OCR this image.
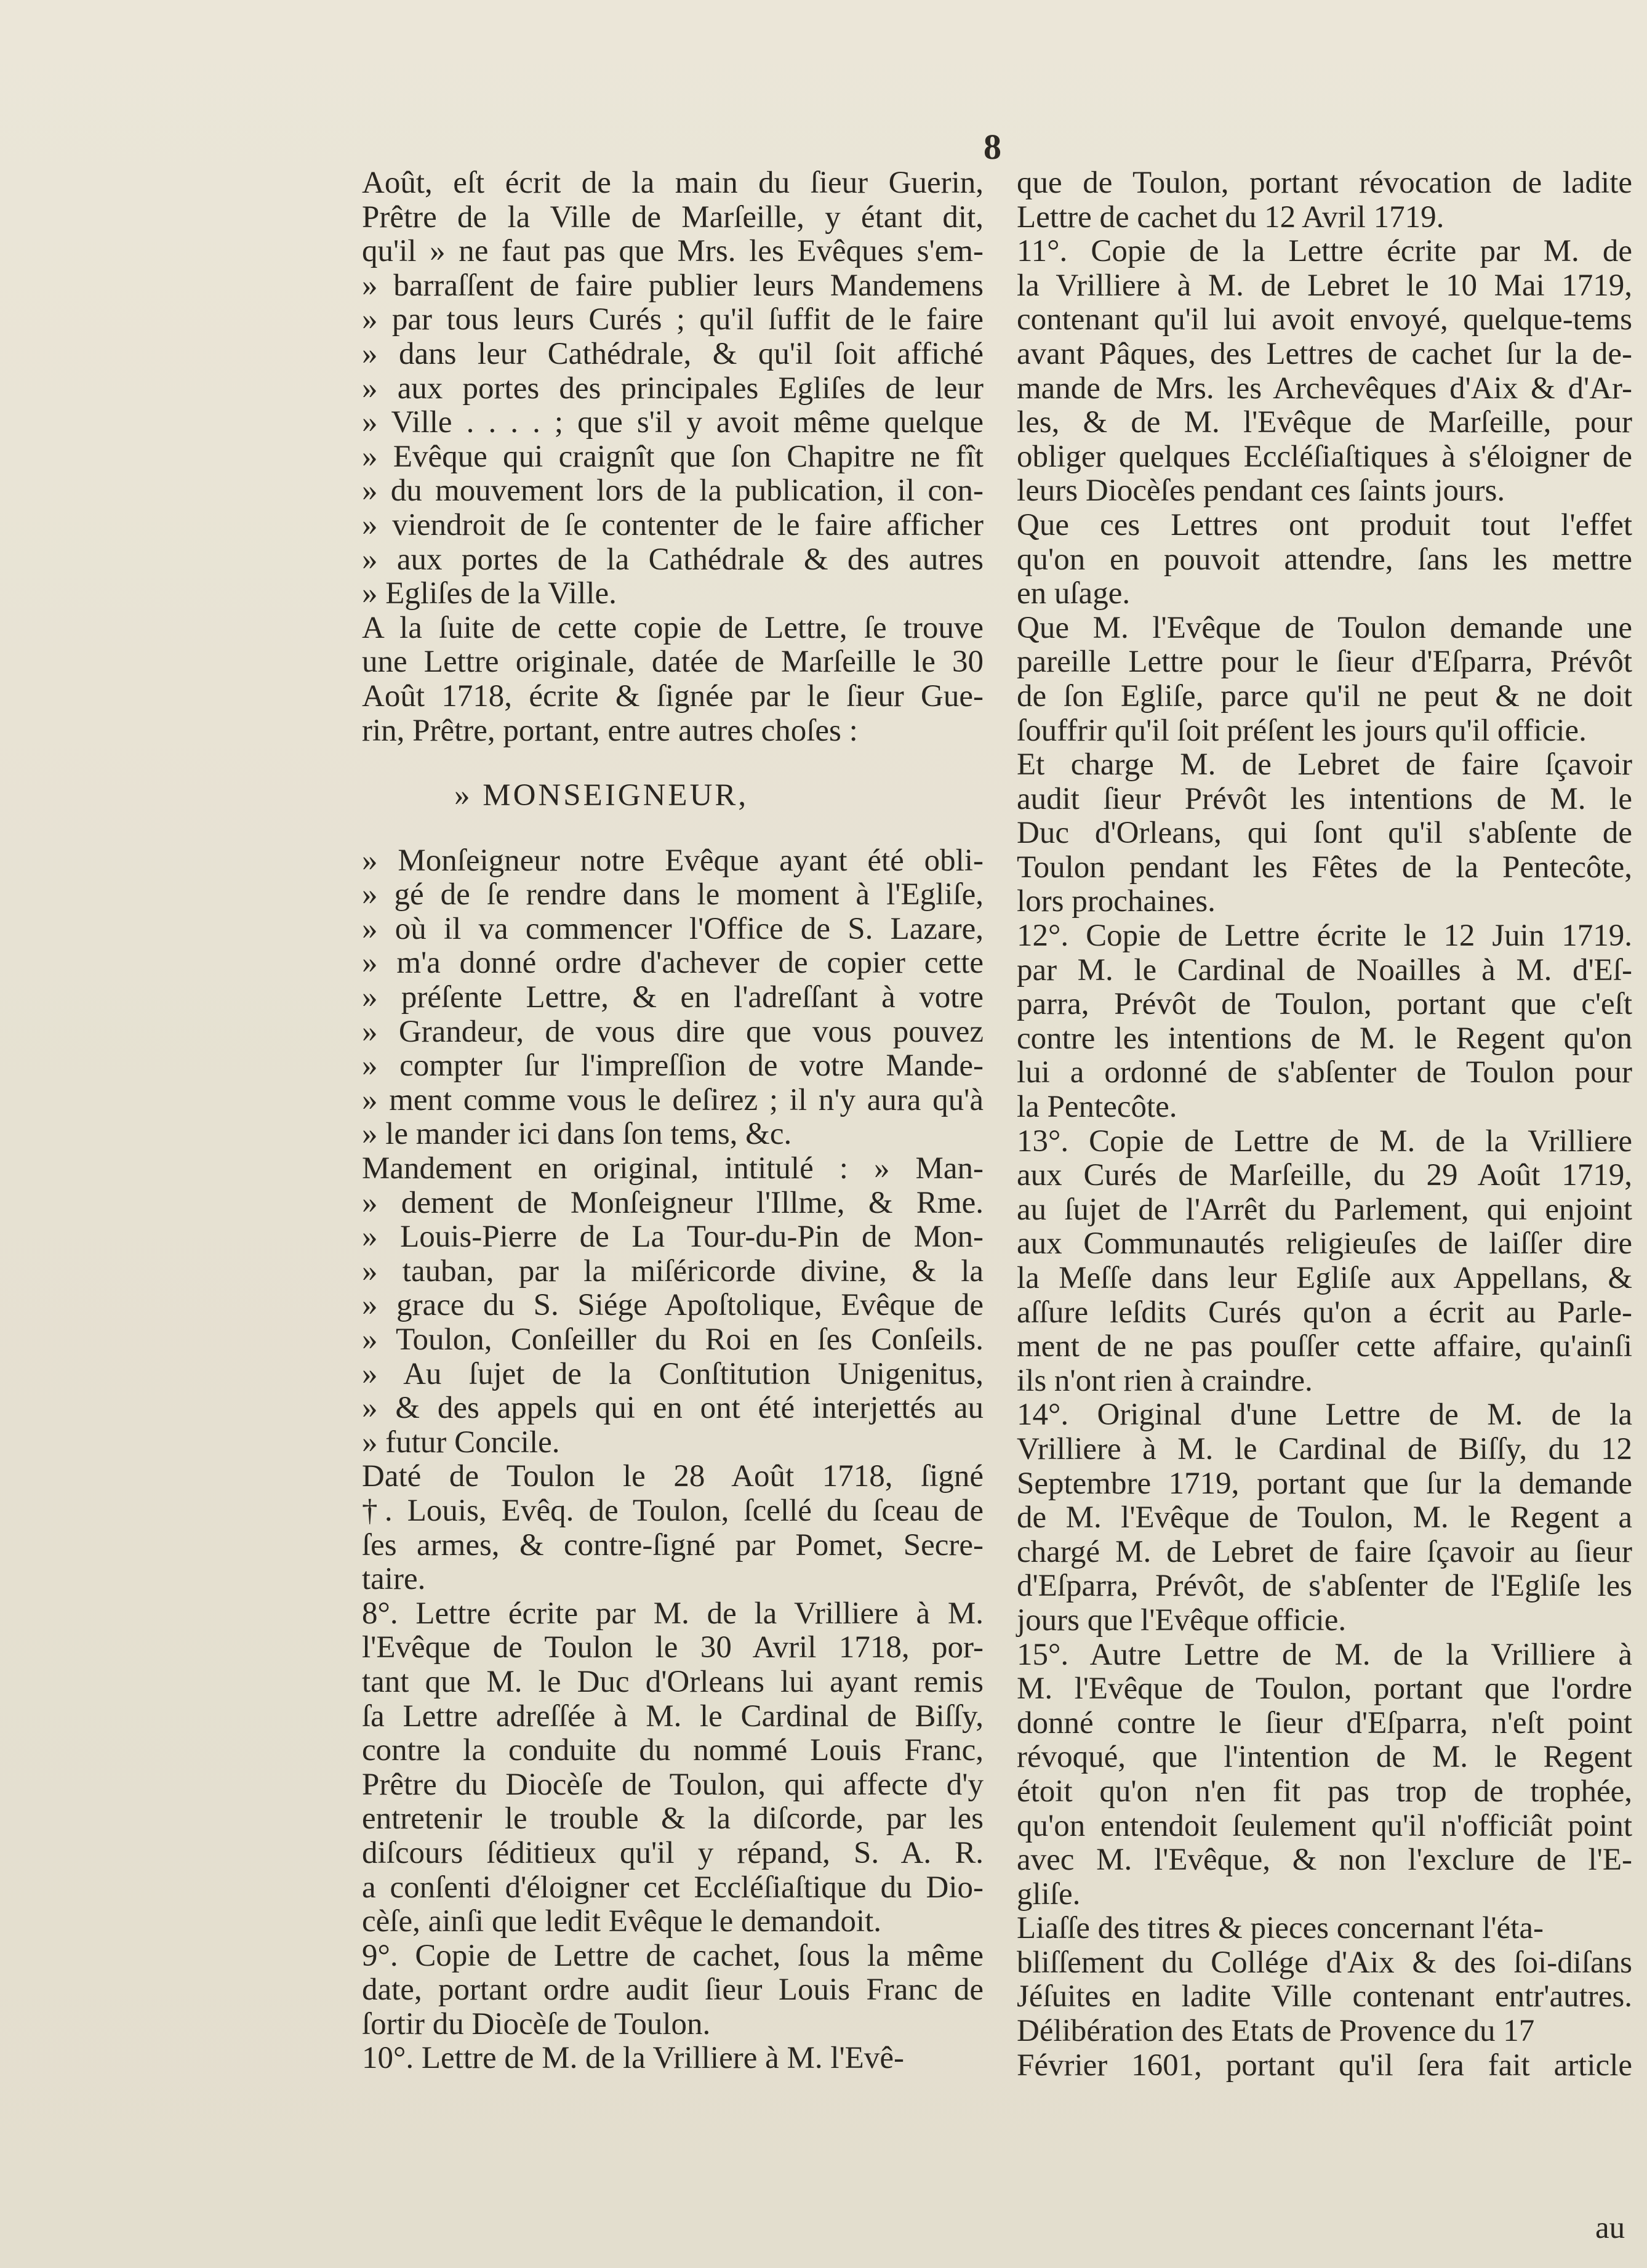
8
Août, eſt écrit de la main du ſieur Guerin,
Prêtre de la Ville de Marſeille, y étant dit,
qu'il » ne faut pas que Mrs. les Evêques s'em-
» barraſſent de faire publier leurs Mandemens
» par tous leurs Curés ; qu'il ſuffit de le faire
» dans leur Cathédrale, & qu'il ſoit affiché
» aux portes des principales Egliſes de leur
» Ville . . . . ; que s'il y avoit même quelque
» Evêque qui craignît que ſon Chapitre ne fît
» du mouvement lors de la publication, il con-
» viendroit de ſe contenter de le faire afficher
» aux portes de la Cathédrale & des autres
» Egliſes de la Ville.
A la ſuite de cette copie de Lettre, ſe trouve
une Lettre originale, datée de Marſeille le 30
Août 1718, écrite & ſignée par le ſieur Gue-
rin, Prêtre, portant, entre autres choſes :
» MONSEIGNEUR,
» Monſeigneur notre Evêque ayant été obli-
» gé de ſe rendre dans le moment à l'Egliſe,
» où il va commencer l'Office de S. Lazare,
» m'a donné ordre d'achever de copier cette
» préſente Lettre, & en l'adreſſant à votre
» Grandeur, de vous dire que vous pouvez
» compter ſur l'impreſſion de votre Mande-
» ment comme vous le deſirez ; il n'y aura qu'à
» le mander ici dans ſon tems, &c.
Mandement en original, intitulé : » Man-
» dement de Monſeigneur l'Illme, & Rme.
» Louis-Pierre de La Tour-du-Pin de Mon-
» tauban, par la miſéricorde divine, & la
» grace du S. Siége Apoſtolique, Evêque de
» Toulon, Conſeiller du Roi en ſes Conſeils.
» Au ſujet de la Conſtitution Unigenitus,
» & des appels qui en ont été interjettés au
» futur Concile.
Daté de Toulon le 28 Août 1718, ſigné
†. Louis, Evêq. de Toulon, ſcellé du ſceau de
ſes armes, & contre-ſigné par Pomet, Secre-
taire.
8°. Lettre écrite par M. de la Vrilliere à M.
l'Evêque de Toulon le 30 Avril 1718, por-
tant que M. le Duc d'Orleans lui ayant remis
ſa Lettre adreſſée à M. le Cardinal de Biſſy,
contre la conduite du nommé Louis Franc,
Prêtre du Diocèſe de Toulon, qui affecte d'y
entretenir le trouble & la diſcorde, par les
diſcours ſéditieux qu'il y répand, S. A. R.
a conſenti d'éloigner cet Eccléſiaſtique du Dio-
cèſe, ainſi que ledit Evêque le demandoit.
9°. Copie de Lettre de cachet, ſous la même
date, portant ordre audit ſieur Louis Franc de
ſortir du Diocèſe de Toulon.
10°. Lettre de M. de la Vrilliere à M. l'Evê-
que de Toulon, portant révocation de ladite
Lettre de cachet du 12 Avril 1719.
11°. Copie de la Lettre écrite par M. de
la Vrilliere à M. de Lebret le 10 Mai 1719,
contenant qu'il lui avoit envoyé, quelque-tems
avant Pâques, des Lettres de cachet ſur la de-
mande de Mrs. les Archevêques d'Aix & d'Ar-
les, & de M. l'Evêque de Marſeille, pour
obliger quelques Eccléſiaſtiques à s'éloigner de
leurs Diocèſes pendant ces ſaints jours.
Que ces Lettres ont produit tout l'effet
qu'on en pouvoit attendre, ſans les mettre
en uſage.
Que M. l'Evêque de Toulon demande une
pareille Lettre pour le ſieur d'Eſparra, Prévôt
de ſon Egliſe, parce qu'il ne peut & ne doit
ſouffrir qu'il ſoit préſent les jours qu'il officie.
Et charge M. de Lebret de faire ſçavoir
audit ſieur Prévôt les intentions de M. le
Duc d'Orleans, qui ſont qu'il s'abſente de
Toulon pendant les Fêtes de la Pentecôte,
lors prochaines.
12°. Copie de Lettre écrite le 12 Juin 1719.
par M. le Cardinal de Noailles à M. d'Eſ-
parra, Prévôt de Toulon, portant que c'eſt
contre les intentions de M. le Regent qu'on
lui a ordonné de s'abſenter de Toulon pour
la Pentecôte.
13°. Copie de Lettre de M. de la Vrilliere
aux Curés de Marſeille, du 29 Août 1719,
au ſujet de l'Arrêt du Parlement, qui enjoint
aux Communautés religieuſes de laiſſer dire
la Meſſe dans leur Egliſe aux Appellans, &
aſſure leſdits Curés qu'on a écrit au Parle-
ment de ne pas pouſſer cette affaire, qu'ainſi
ils n'ont rien à craindre.
14°. Original d'une Lettre de M. de la
Vrilliere à M. le Cardinal de Biſſy, du 12
Septembre 1719, portant que ſur la demande
de M. l'Evêque de Toulon, M. le Regent a
chargé M. de Lebret de faire ſçavoir au ſieur
d'Eſparra, Prévôt, de s'abſenter de l'Egliſe les
jours que l'Evêque officie.
15°. Autre Lettre de M. de la Vrilliere à
M. l'Evêque de Toulon, portant que l'ordre
donné contre le ſieur d'Eſparra, n'eſt point
révoqué, que l'intention de M. le Regent
étoit qu'on n'en fit pas trop de trophée,
qu'on entendoit ſeulement qu'il n'officiât point
avec M. l'Evêque, & non l'exclure de l'E-
gliſe.
Liaſſe des titres & pieces concernant l'éta-
bliſſement du Collége d'Aix & des ſoi-diſans
Jéſuites en ladite Ville contenant entr'autres.
Délibération des Etats de Provence du 17
Février 1601, portant qu'il ſera fait article
au
